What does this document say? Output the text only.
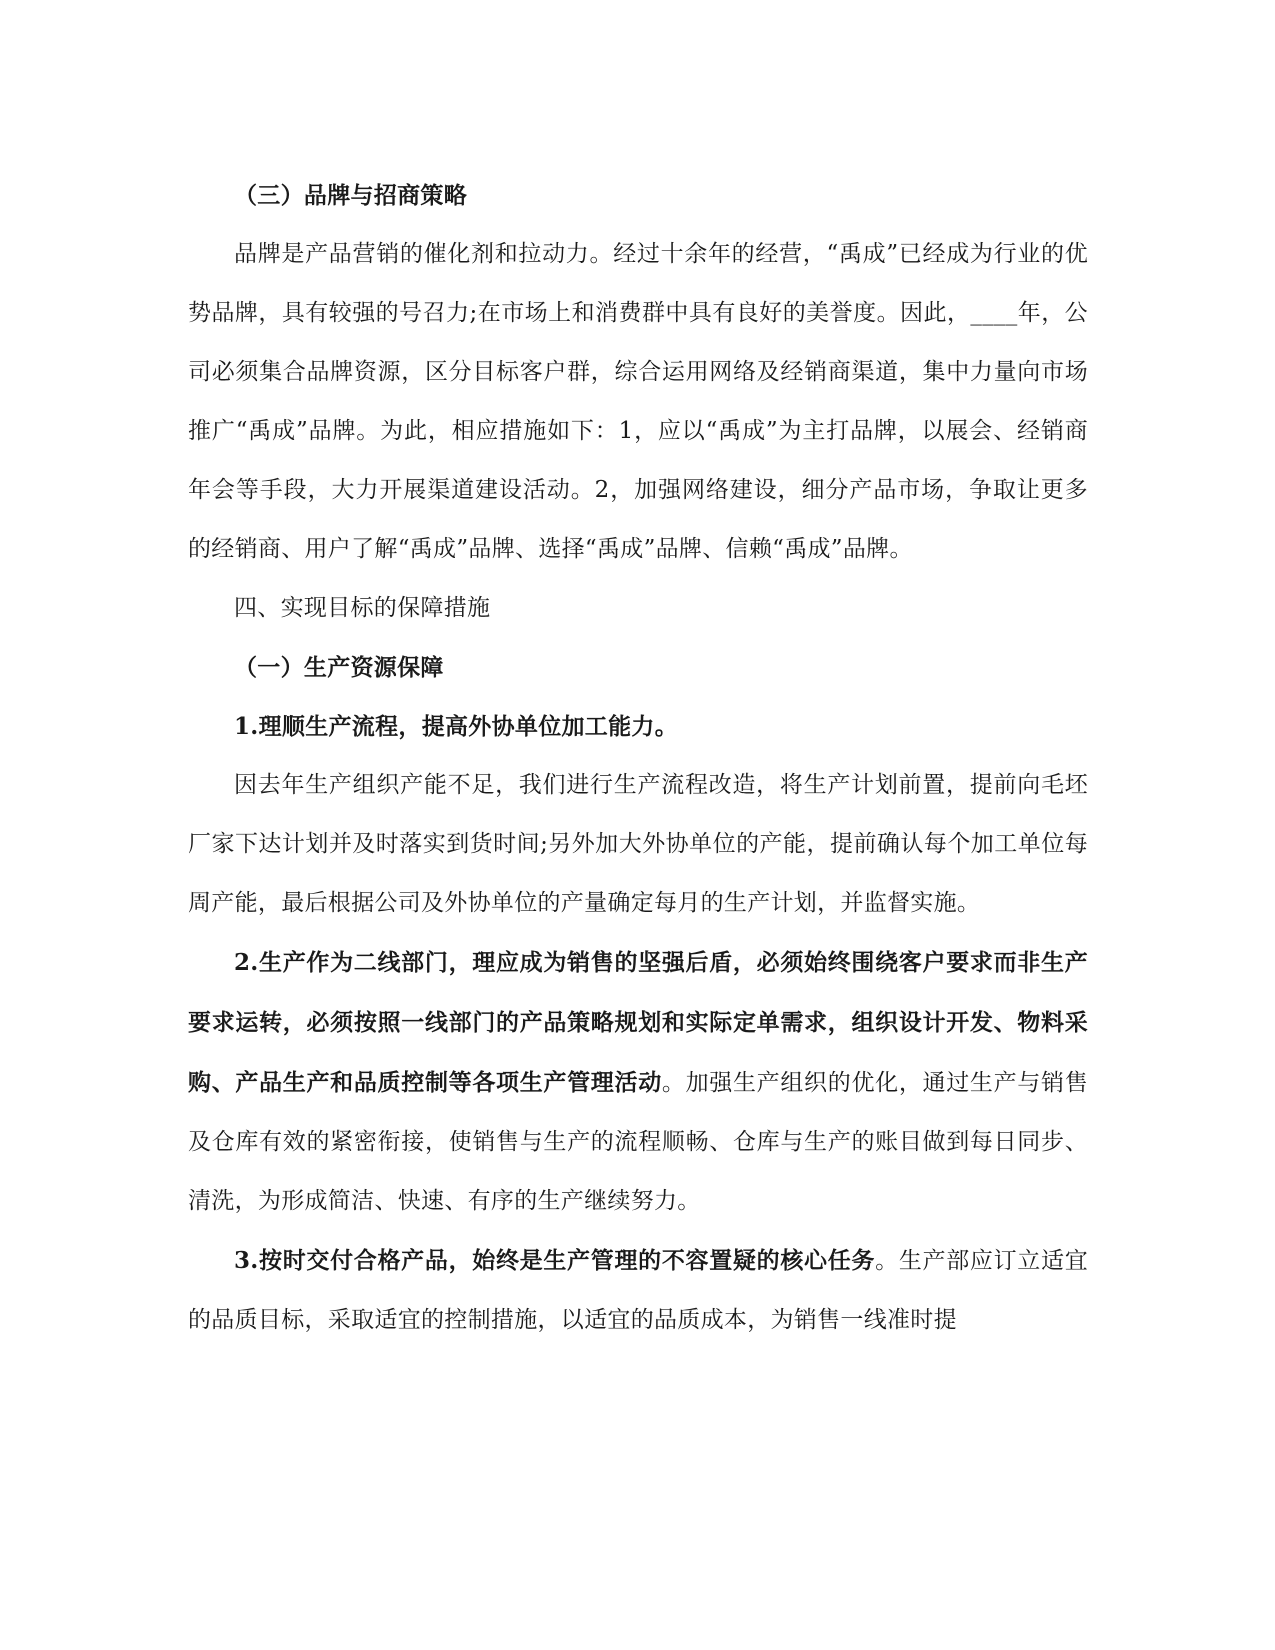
（三）品牌与招商策略

品牌是产品营销的催化剂和拉动力。经过十余年的经营，“禹成”已经成为行业的优势品牌，具有较强的号召力;在市场上和消费群中具有良好的美誉度。因此，____年，公司必须集合品牌资源，区分目标客户群，综合运用网络及经销商渠道，集中力量向市场推广“禹成”品牌。为此，相应措施如下：1，应以“禹成”为主打品牌，以展会、经销商年会等手段，大力开展渠道建设活动。2，加强网络建设，细分产品市场，争取让更多的经销商、用户了解“禹成”品牌、选择“禹成”品牌、信赖“禹成”品牌。

四、实现目标的保障措施

（一）生产资源保障

1.理顺生产流程，提高外协单位加工能力。

因去年生产组织产能不足，我们进行生产流程改造，将生产计划前置，提前向毛坯厂家下达计划并及时落实到货时间;另外加大外协单位的产能，提前确认每个加工单位每周产能，最后根据公司及外协单位的产量确定每月的生产计划，并监督实施。

2.生产作为二线部门，理应成为销售的坚强后盾，必须始终围绕客户要求而非生产要求运转，必须按照一线部门的产品策略规划和实际定单需求，组织设计开发、物料采购、产品生产和品质控制等各项生产管理活动。加强生产组织的优化，通过生产与销售及仓库有效的紧密衔接，使销售与生产的流程顺畅、仓库与生产的账目做到每日同步、清洗，为形成简洁、快速、有序的生产继续努力。

3.按时交付合格产品，始终是生产管理的不容置疑的核心任务。生产部应订立适宜的品质目标，采取适宜的控制措施，以适宜的品质成本，为销售一线准时提
